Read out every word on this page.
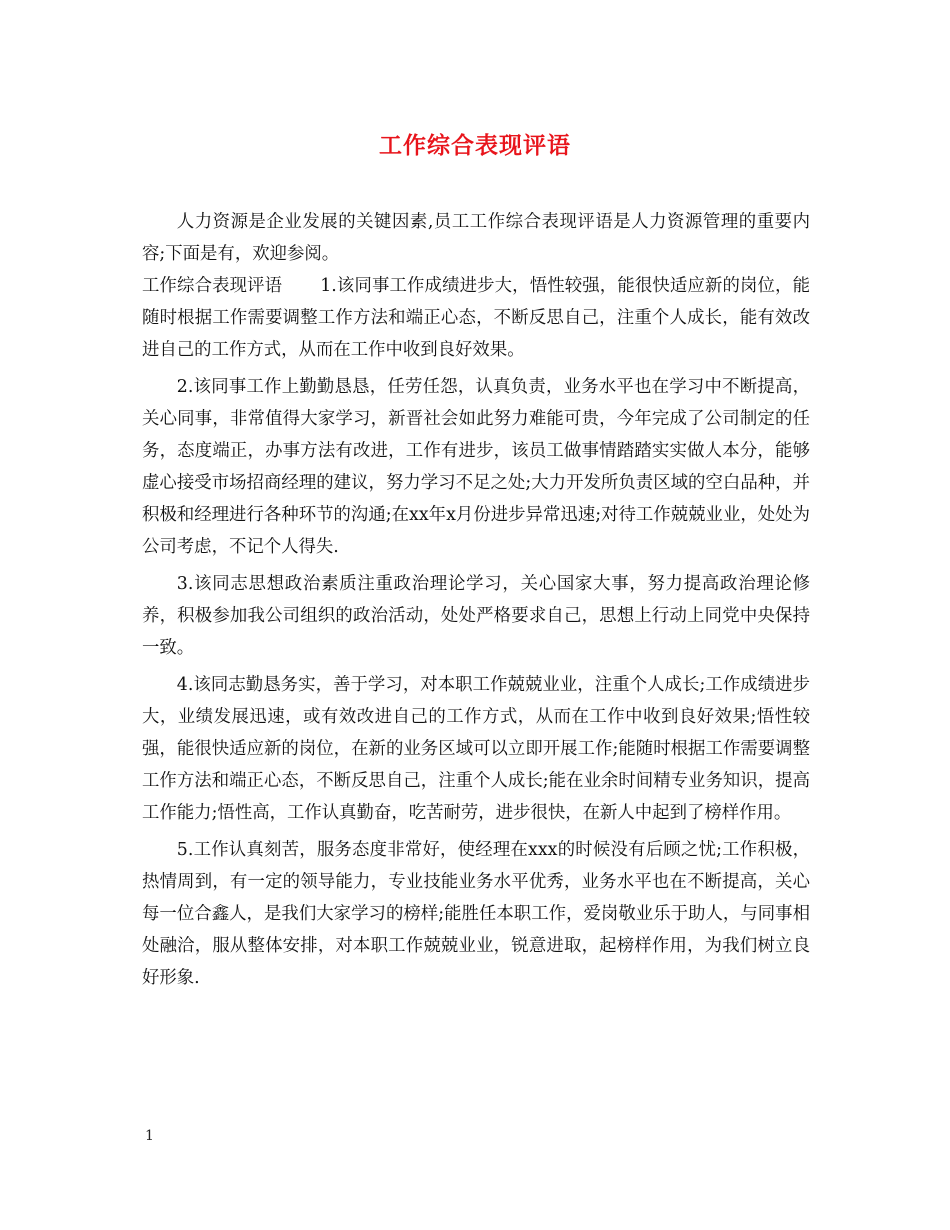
工作综合表现评语

人力资源是企业发展的关键因素,员工工作综合表现评语是人力资源管理的重要内容;下面是有，欢迎参阅。

工作综合表现评语 1.该同事工作成绩进步大，悟性较强，能很快适应新的岗位，能随时根据工作需要调整工作方法和端正心态，不断反思自己，注重个人成长，能有效改进自己的工作方式，从而在工作中收到良好效果。

2.该同事工作上勤勤恳恳，任劳任怨，认真负责，业务水平也在学习中不断提高，关心同事，非常值得大家学习，新晋社会如此努力难能可贵，今年完成了公司制定的任务，态度端正，办事方法有改进，工作有进步，该员工做事情踏踏实实做人本分，能够虚心接受市场招商经理的建议，努力学习不足之处;大力开发所负责区域的空白品种，并积极和经理进行各种环节的沟通;在xx年x月份进步异常迅速;对待工作兢兢业业，处处为公司考虑，不记个人得失.

3.该同志思想政治素质注重政治理论学习，关心国家大事，努力提高政治理论修养，积极参加我公司组织的政治活动，处处严格要求自己，思想上行动上同党中央保持一致。

4.该同志勤恳务实，善于学习，对本职工作兢兢业业，注重个人成长;工作成绩进步大，业绩发展迅速，或有效改进自己的工作方式，从而在工作中收到良好效果;悟性较强，能很快适应新的岗位，在新的业务区域可以立即开展工作;能随时根据工作需要调整工作方法和端正心态，不断反思自己，注重个人成长;能在业余时间精专业务知识，提高工作能力;悟性高，工作认真勤奋，吃苦耐劳，进步很快，在新人中起到了榜样作用。

5.工作认真刻苦，服务态度非常好，使经理在xxx的时候没有后顾之忧;工作积极，热情周到，有一定的领导能力，专业技能业务水平优秀，业务水平也在不断提高，关心每一位合鑫人，是我们大家学习的榜样;能胜任本职工作，爱岗敬业乐于助人，与同事相处融洽，服从整体安排，对本职工作兢兢业业，锐意进取，起榜样作用，为我们树立良好形象.

1
